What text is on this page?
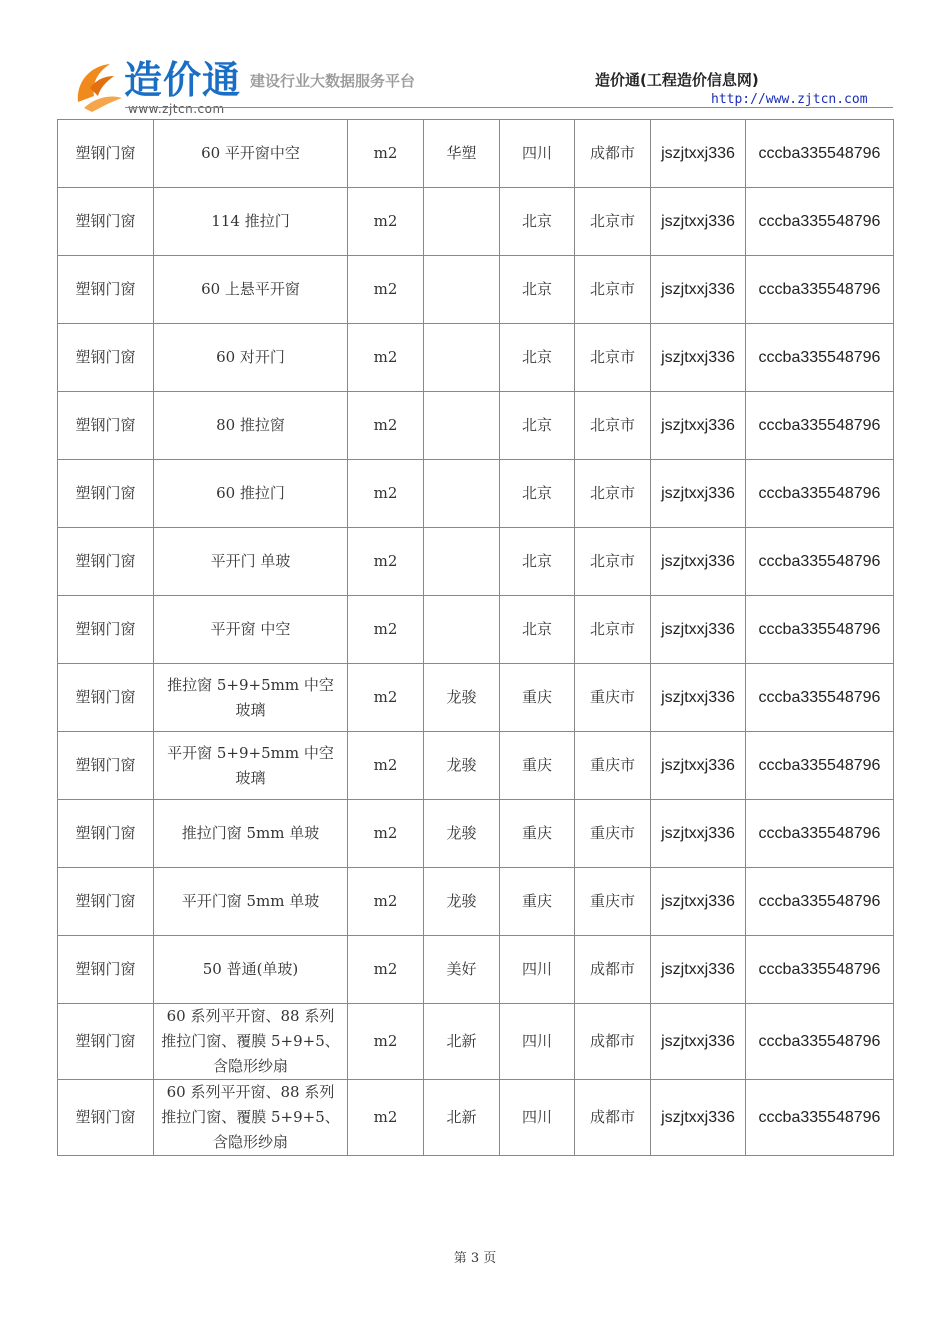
造价通
www.zjtcn.com
建设行业大数据服务平台	造价通(工程造价信息网)
http://www.zjtcn.com
塑钢门窗	60 平开窗中空	m2	华塑	四川	成都市	jszjtxxj336	cccba335548796
塑钢门窗	114 推拉门	m2		北京	北京市	jszjtxxj336	cccba335548796
塑钢门窗	60 上悬平开窗	m2		北京	北京市	jszjtxxj336	cccba335548796
塑钢门窗	60 对开门	m2		北京	北京市	jszjtxxj336	cccba335548796
塑钢门窗	80 推拉窗	m2		北京	北京市	jszjtxxj336	cccba335548796
塑钢门窗	60 推拉门	m2		北京	北京市	jszjtxxj336	cccba335548796
塑钢门窗	平开门 单玻	m2		北京	北京市	jszjtxxj336	cccba335548796
塑钢门窗	平开窗 中空	m2		北京	北京市	jszjtxxj336	cccba335548796
塑钢门窗	推拉窗 5+9+5mm 中空玻璃	m2	龙骏	重庆	重庆市	jszjtxxj336	cccba335548796
塑钢门窗	平开窗 5+9+5mm 中空玻璃	m2	龙骏	重庆	重庆市	jszjtxxj336	cccba335548796
塑钢门窗	推拉门窗 5mm 单玻	m2	龙骏	重庆	重庆市	jszjtxxj336	cccba335548796
塑钢门窗	平开门窗 5mm 单玻	m2	龙骏	重庆	重庆市	jszjtxxj336	cccba335548796
塑钢门窗	50 普通(单玻)	m2	美好	四川	成都市	jszjtxxj336	cccba335548796
塑钢门窗	60 系列平开窗、88 系列推拉门窗、覆膜 5+9+5、含隐形纱扇	m2	北新	四川	成都市	jszjtxxj336	cccba335548796
塑钢门窗	60 系列平开窗、88 系列推拉门窗、覆膜 5+9+5、含隐形纱扇	m2	北新	四川	成都市	jszjtxxj336	cccba335548796
第 3 页
